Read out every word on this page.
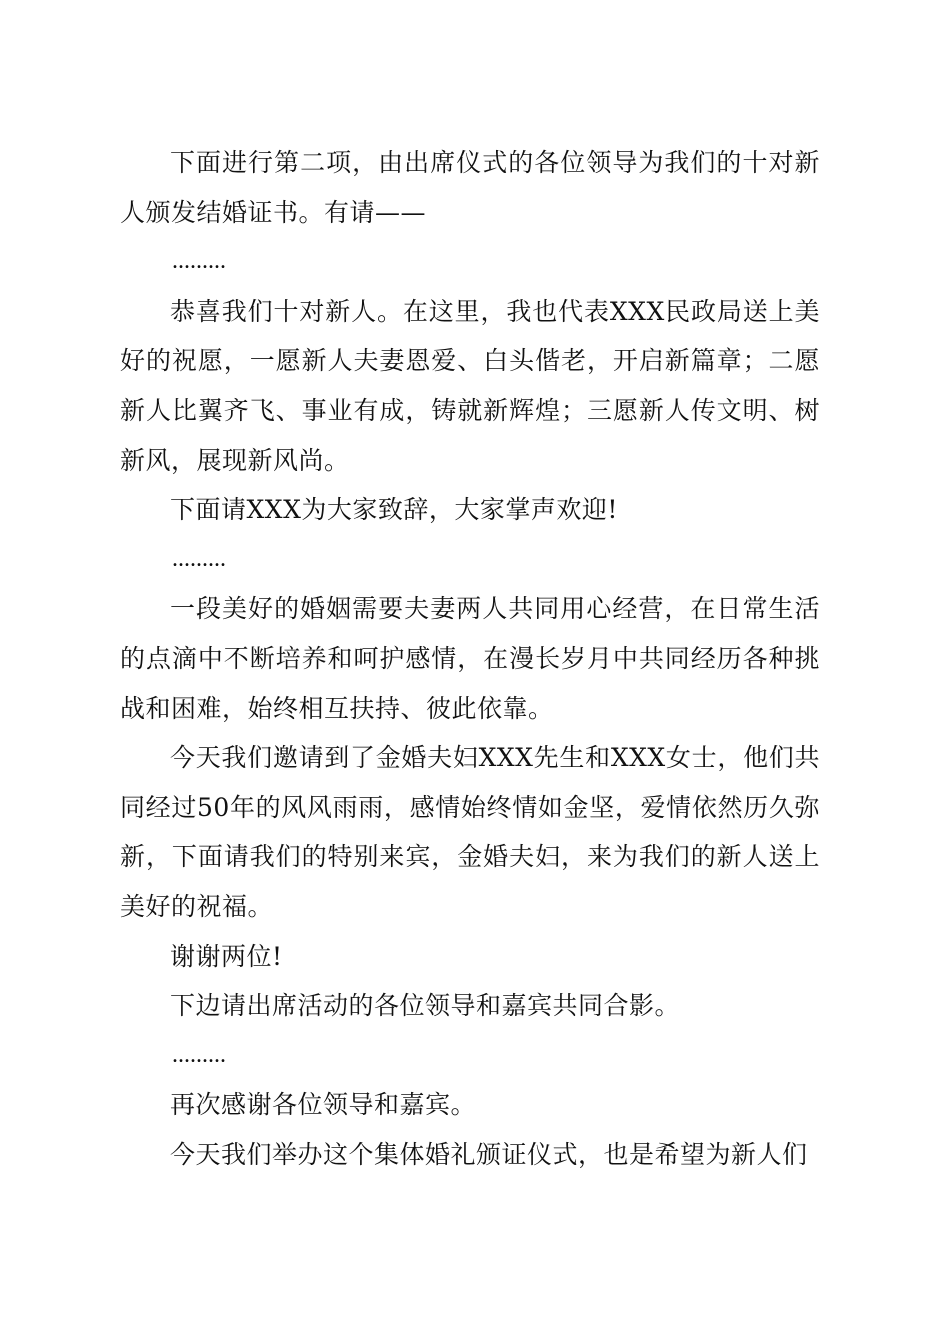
下面进行第二项，由出席仪式的各位领导为我们的十对新人颁发结婚证书。有请——

.........

恭喜我们十对新人。在这里，我也代表XXX民政局送上美好的祝愿，一愿新人夫妻恩爱、白头偕老，开启新篇章；二愿新人比翼齐飞、事业有成，铸就新辉煌；三愿新人传文明、树新风，展现新风尚。

下面请XXX为大家致辞，大家掌声欢迎!

.........

一段美好的婚姻需要夫妻两人共同用心经营，在日常生活的点滴中不断培养和呵护感情，在漫长岁月中共同经历各种挑战和困难，始终相互扶持、彼此依靠。

今天我们邀请到了金婚夫妇XXX先生和XXX女士，他们共同经过50年的风风雨雨，感情始终情如金坚，爱情依然历久弥新，下面请我们的特别来宾，金婚夫妇，来为我们的新人送上美好的祝福。

谢谢两位!

下边请出席活动的各位领导和嘉宾共同合影。

.........

再次感谢各位领导和嘉宾。

今天我们举办这个集体婚礼颁证仪式，也是希望为新人们
